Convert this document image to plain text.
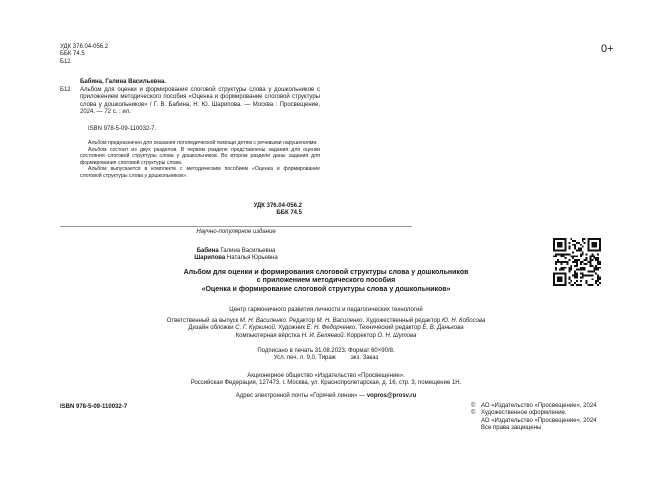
УДК 376.04-056.2
ББК 74.5
Б12
0+
Б12
Бабина, Галина Васильевна.
Альбом для оценки и формирования слоговой структуры слова у дошкольников с приложением методического пособия «Оценка и формирование слоговой структуры слова у дошкольников» / Г. В. Бабина, Н. Ю. Шарипова. — Москва : Просвещение, 2024. — 72 с. : ил.
ISBN 978-5-09-110032-7.

Альбом предназначен для оказания логопедической помощи детям с речевыми нарушениями.

Альбом состоит из двух разделов. В первом разделе представлены задания для оценки состояния слоговой структуры слова у дошкольников. Во втором разделе даны задания для формирования слоговой структуры слова.

Альбом выпускается в комплекте с методическим пособием «Оценка и формирование слоговой структуры слова у дошкольников».

УДК 376.04-056.2
ББК 74.5
Научно-популярное издание
Бабина Галина Васильевна
Шарипова Наталья Юрьевна
Альбом для оценки и формирования слоговой структуры слова у дошкольников
с приложением методического пособия
«Оценка и формирование слоговой структуры слова у дошкольников»
Центр гармоничного развития личности и педагогических технологий
Ответственный за выпуск М. Н. Василенко. Редактор М. Н. Василенко. Художественный редактор Ю. Н. Кобосова
Дизайн обложки С. Г. Куркиной. Художник Е. Н. Федорченко. Технический редактор Е. В. Данькова
Компьютерная вёрстка Н. И. Беляевой. Корректор О. Н. Шутова
Подписано в печать 31.08.2023. Формат 60×90/8.
Усл. печ. л. 9,0. Тираж         экз. Заказ
Акционерное общество «Издательство «Просвещение».
Российская Федерация, 127473, г. Москва, ул. Краснопролетарская, д. 16, стр. 3, помещение 1Н.
Адрес электронной почты «Горячей линии» — vopros@prosv.ru
ISBN 978-5-09-110032-7	© АО «Издательство «Просвещение», 2024
© Художественное оформление.
АО «Издательство «Просвещение», 2024
Все права защищены
